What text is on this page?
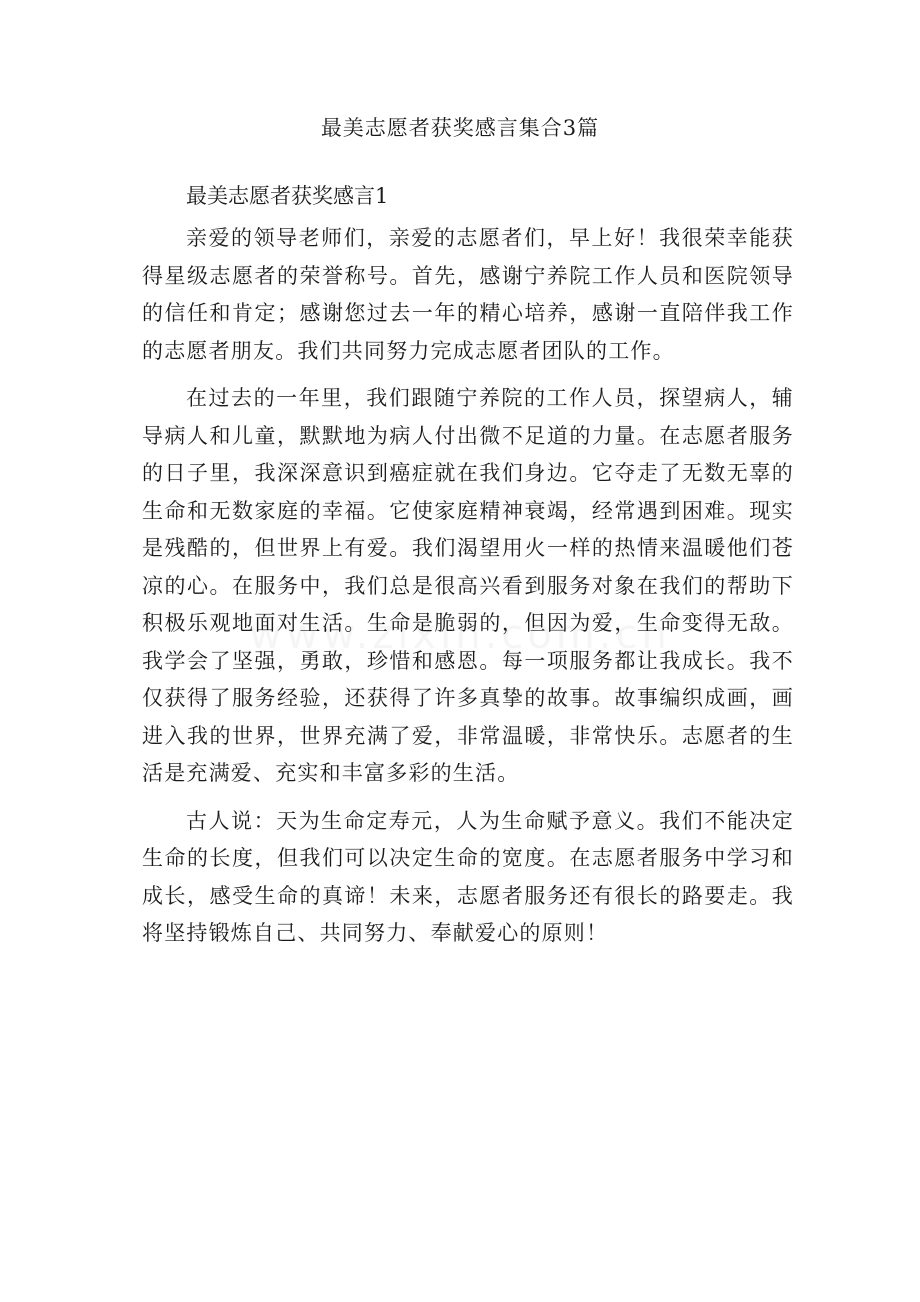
最美志愿者获奖感言集合3篇
最美志愿者获奖感言1

亲爱的领导老师们，亲爱的志愿者们，早上好！我很荣幸能获得星级志愿者的荣誉称号。首先，感谢宁养院工作人员和医院领导的信任和肯定；感谢您过去一年的精心培养，感谢一直陪伴我工作的志愿者朋友。我们共同努力完成志愿者团队的工作。

在过去的一年里，我们跟随宁养院的工作人员，探望病人，辅导病人和儿童，默默地为病人付出微不足道的力量。在志愿者服务的日子里，我深深意识到癌症就在我们身边。它夺走了无数无辜的生命和无数家庭的幸福。它使家庭精神衰竭，经常遇到困难。现实是残酷的，但世界上有爱。我们渴望用火一样的热情来温暖他们苍凉的心。在服务中，我们总是很高兴看到服务对象在我们的帮助下积极乐观地面对生活。生命是脆弱的，但因为爱，生命变得无敌。我学会了坚强，勇敢，珍惜和感恩。每一项服务都让我成长。我不仅获得了服务经验，还获得了许多真挚的故事。故事编织成画，画进入我的世界，世界充满了爱，非常温暖，非常快乐。志愿者的生活是充满爱、充实和丰富多彩的生活。

古人说：天为生命定寿元，人为生命赋予意义。我们不能决定生命的长度，但我们可以决定生命的宽度。在志愿者服务中学习和成长，感受生命的真谛！未来，志愿者服务还有很长的路要走。我将坚持锻炼自己、共同努力、奉献爱心的原则！
